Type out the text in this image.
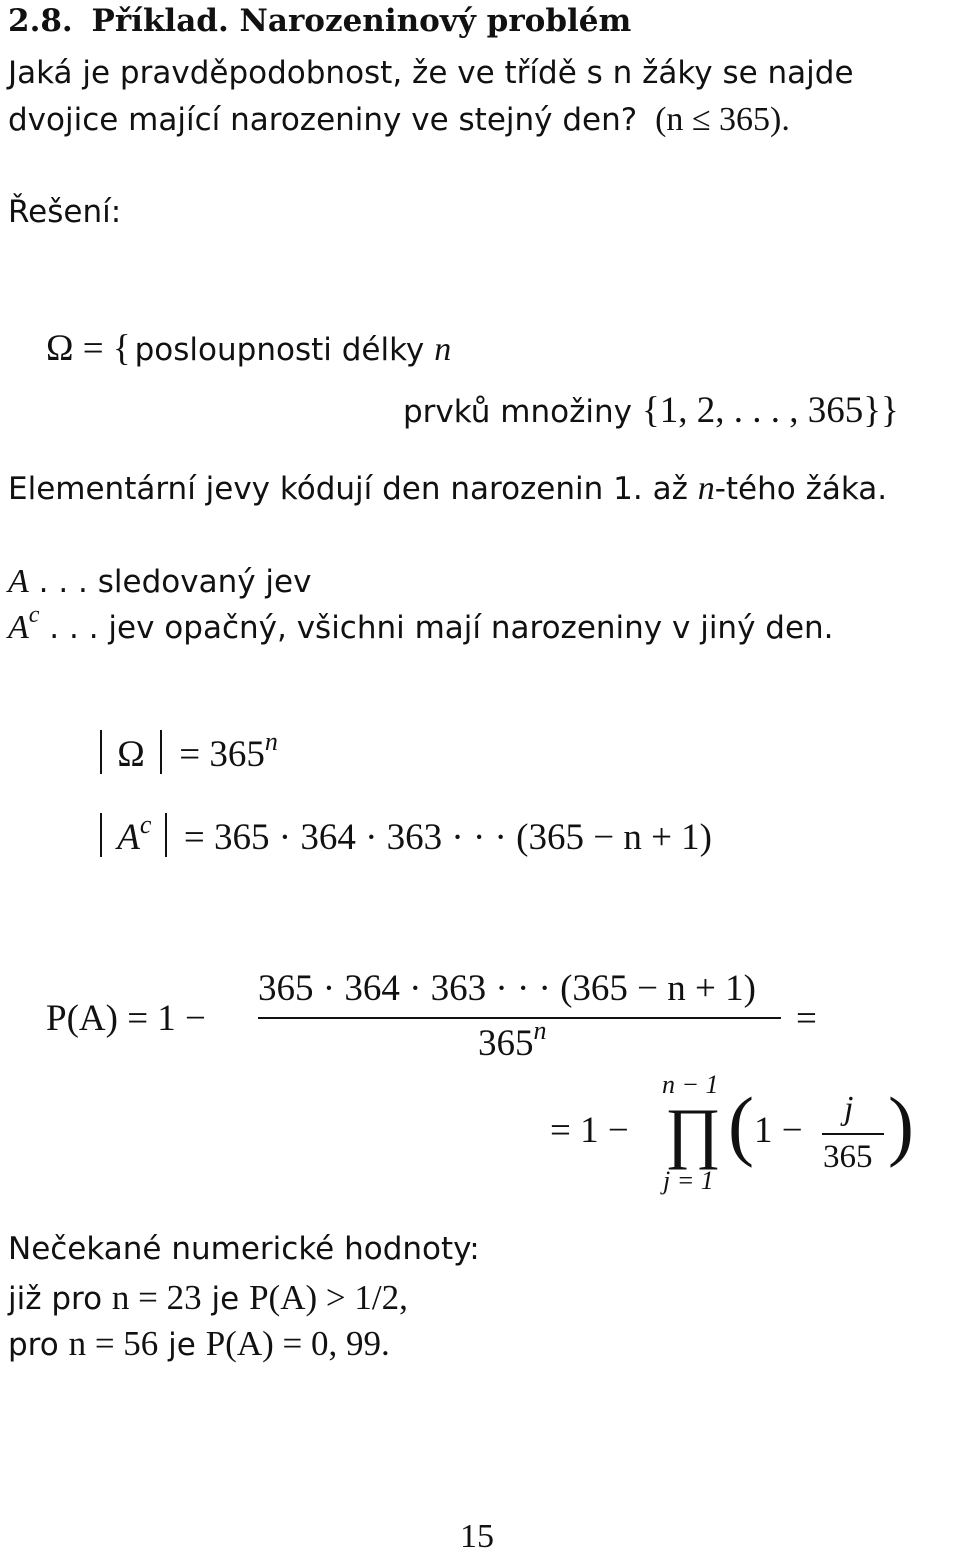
2.8. Příklad. Narozeninový problém
Jaká je pravděpodobnost, že ve třídě s n žáky se najde
dvojice mající narozeniny ve stejný den? (n ≤ 365).
Řešení:
Ω = { posloupnosti délky n
prvků množiny {1, 2, . . . , 365}}
Elementární jevy kódují den narozenin 1. až n-tého žáka.
A . . . sledovaný jev
$A^c$ . . . jev opačný, všichni mají narozeniny v jiný den.
$\Omega = 365^n$
$A^c = 365 \cdot 364 \cdot 363$ · · · (365 − n + 1)
P(A) = 1 −
365 · 364 · 363 · · · (365 − n + 1)
$365^n$	=
= 1 −
n − 1
∏
j = 1
( 1 −
j
365 )
Nečekané numerické hodnoty:
již pro n = 23 je P(A) > 1/2,
pro n = 56 je P(A) = 0, 99.
15
